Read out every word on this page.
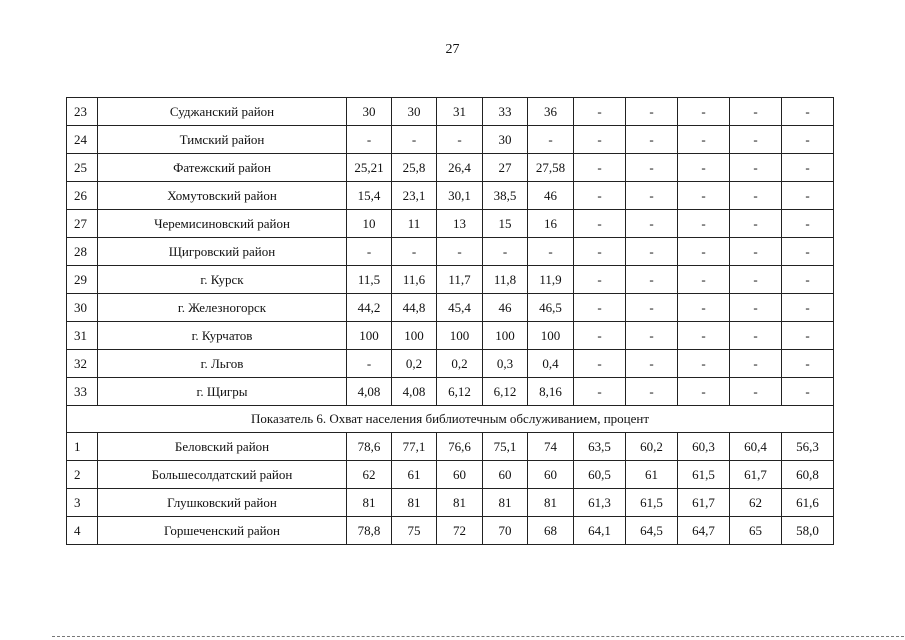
27
23	Суджанский район	30	30	31	33	36	-	-	-	-	-
24	Тимский район	-	-	-	30	-	-	-	-	-	-
25	Фатежский район	25,21	25,8	26,4	27	27,58	-	-	-	-	-
26	Хомутовский район	15,4	23,1	30,1	38,5	46	-	-	-	-	-
27	Черемисиновский район	10	11	13	15	16	-	-	-	-	-
28	Щигровский район	-	-	-	-	-	-	-	-	-	-
29	г. Курск	11,5	11,6	11,7	11,8	11,9	-	-	-	-	-
30	г. Железногорск	44,2	44,8	45,4	46	46,5	-	-	-	-	-
31	г. Курчатов	100	100	100	100	100	-	-	-	-	-
32	г. Льгов	-	0,2	0,2	0,3	0,4	-	-	-	-	-
33	г. Щигры	4,08	4,08	6,12	6,12	8,16	-	-	-	-	-
Показатель 6. Охват населения библиотечным обслуживанием, процент											
1	Беловский район	78,6	77,1	76,6	75,1	74	63,5	60,2	60,3	60,4	56,3
2	Большесолдатский район	62	61	60	60	60	60,5	61	61,5	61,7	60,8
3	Глушковский район	81	81	81	81	81	61,3	61,5	61,7	62	61,6
4	Горшеченский район	78,8	75	72	70	68	64,1	64,5	64,7	65	58,0
